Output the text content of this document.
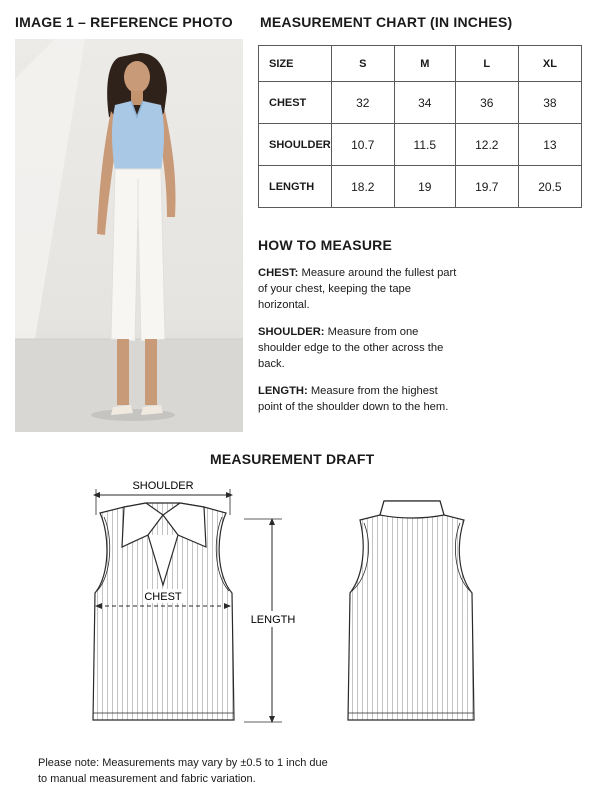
IMAGE 1 – REFERENCE PHOTO MEASUREMENT CHART (IN INCHES)
SIZE	S	M	L	XL
CHEST	32	34	36	38
SHOULDER	10.7	11.5	12.2	13
LENGTH	18.2	19	19.7	20.5
HOW TO MEASURE
CHEST: Measure around the fullest part of your chest, keeping the tape horizontal.
SHOULDER: Measure from one shoulder edge to the other across the back.
LENGTH: Measure from the highest point of the shoulder down to the hem.
MEASUREMENT DRAFT
SHOULDER
CHEST
LENGTH
Please note: Measurements may vary by ±0.5 to 1 inch due to manual measurement and fabric variation.
